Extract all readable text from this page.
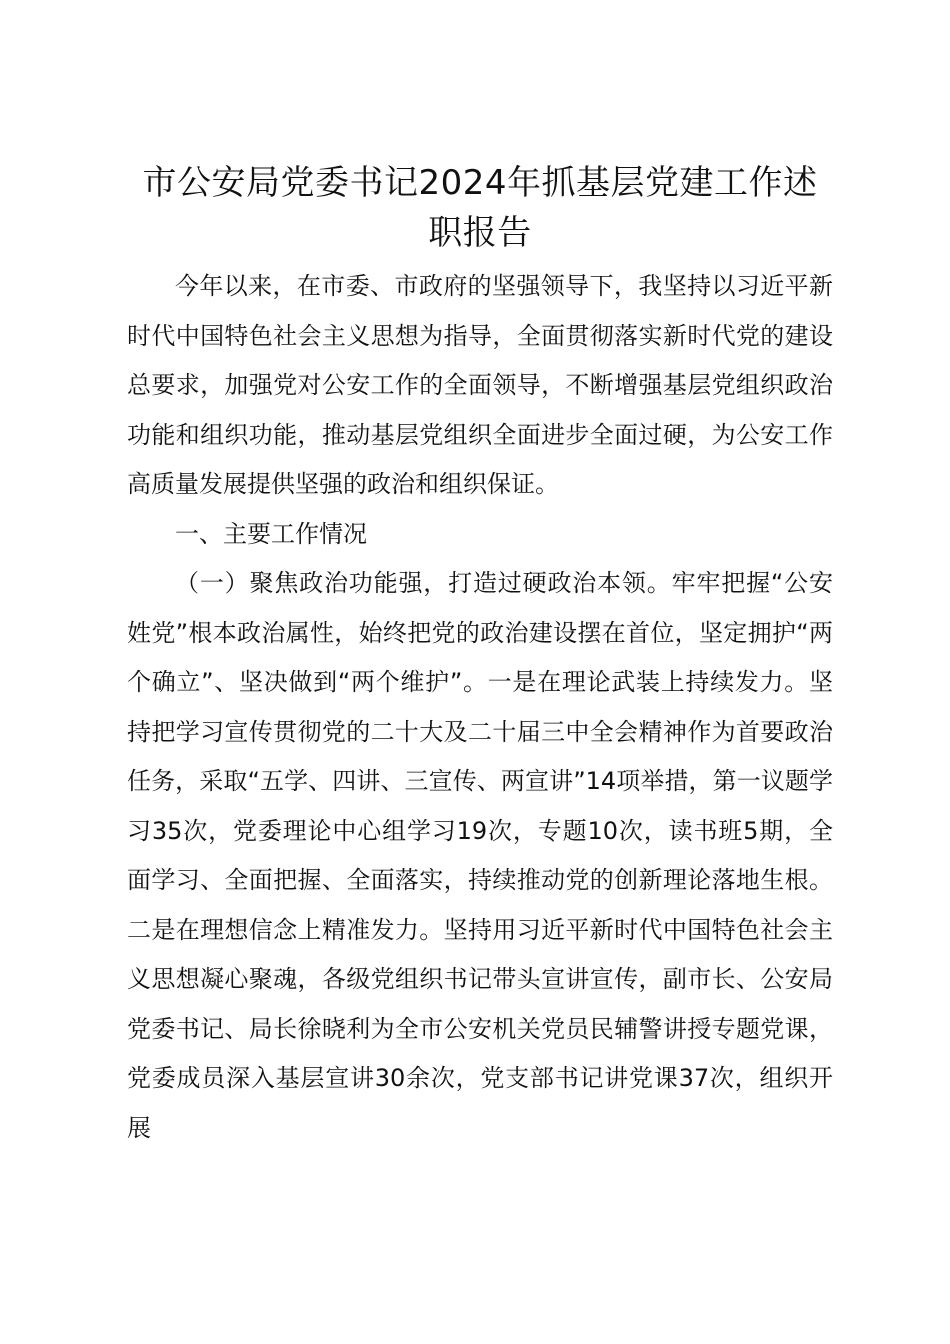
市公安局党委书记2024年抓基层党建工作述职报告

今年以来，在市委、市政府的坚强领导下，我坚持以习近平新时代中国特色社会主义思想为指导，全面贯彻落实新时代党的建设总要求，加强党对公安工作的全面领导，不断增强基层党组织政治功能和组织功能，推动基层党组织全面进步全面过硬，为公安工作高质量发展提供坚强的政治和组织保证。

一、主要工作情况

（一）聚焦政治功能强，打造过硬政治本领。牢牢把握“公安姓党”根本政治属性，始终把党的政治建设摆在首位，坚定拥护“两个确立”、坚决做到“两个维护”。一是在理论武装上持续发力。坚持把学习宣传贯彻党的二十大及二十届三中全会精神作为首要政治任务，采取“五学、四讲、三宣传、两宣讲”14项举措，第一议题学习35次，党委理论中心组学习19次，专题10次，读书班5期，全面学习、全面把握、全面落实，持续推动党的创新理论落地生根。二是在理想信念上精准发力。坚持用习近平新时代中国特色社会主义思想凝心聚魂，各级党组织书记带头宣讲宣传，副市长、公安局党委书记、局长徐晓利为全市公安机关党员民辅警讲授专题党课，党委成员深入基层宣讲30余次，党支部书记讲党课37次，组织开展
